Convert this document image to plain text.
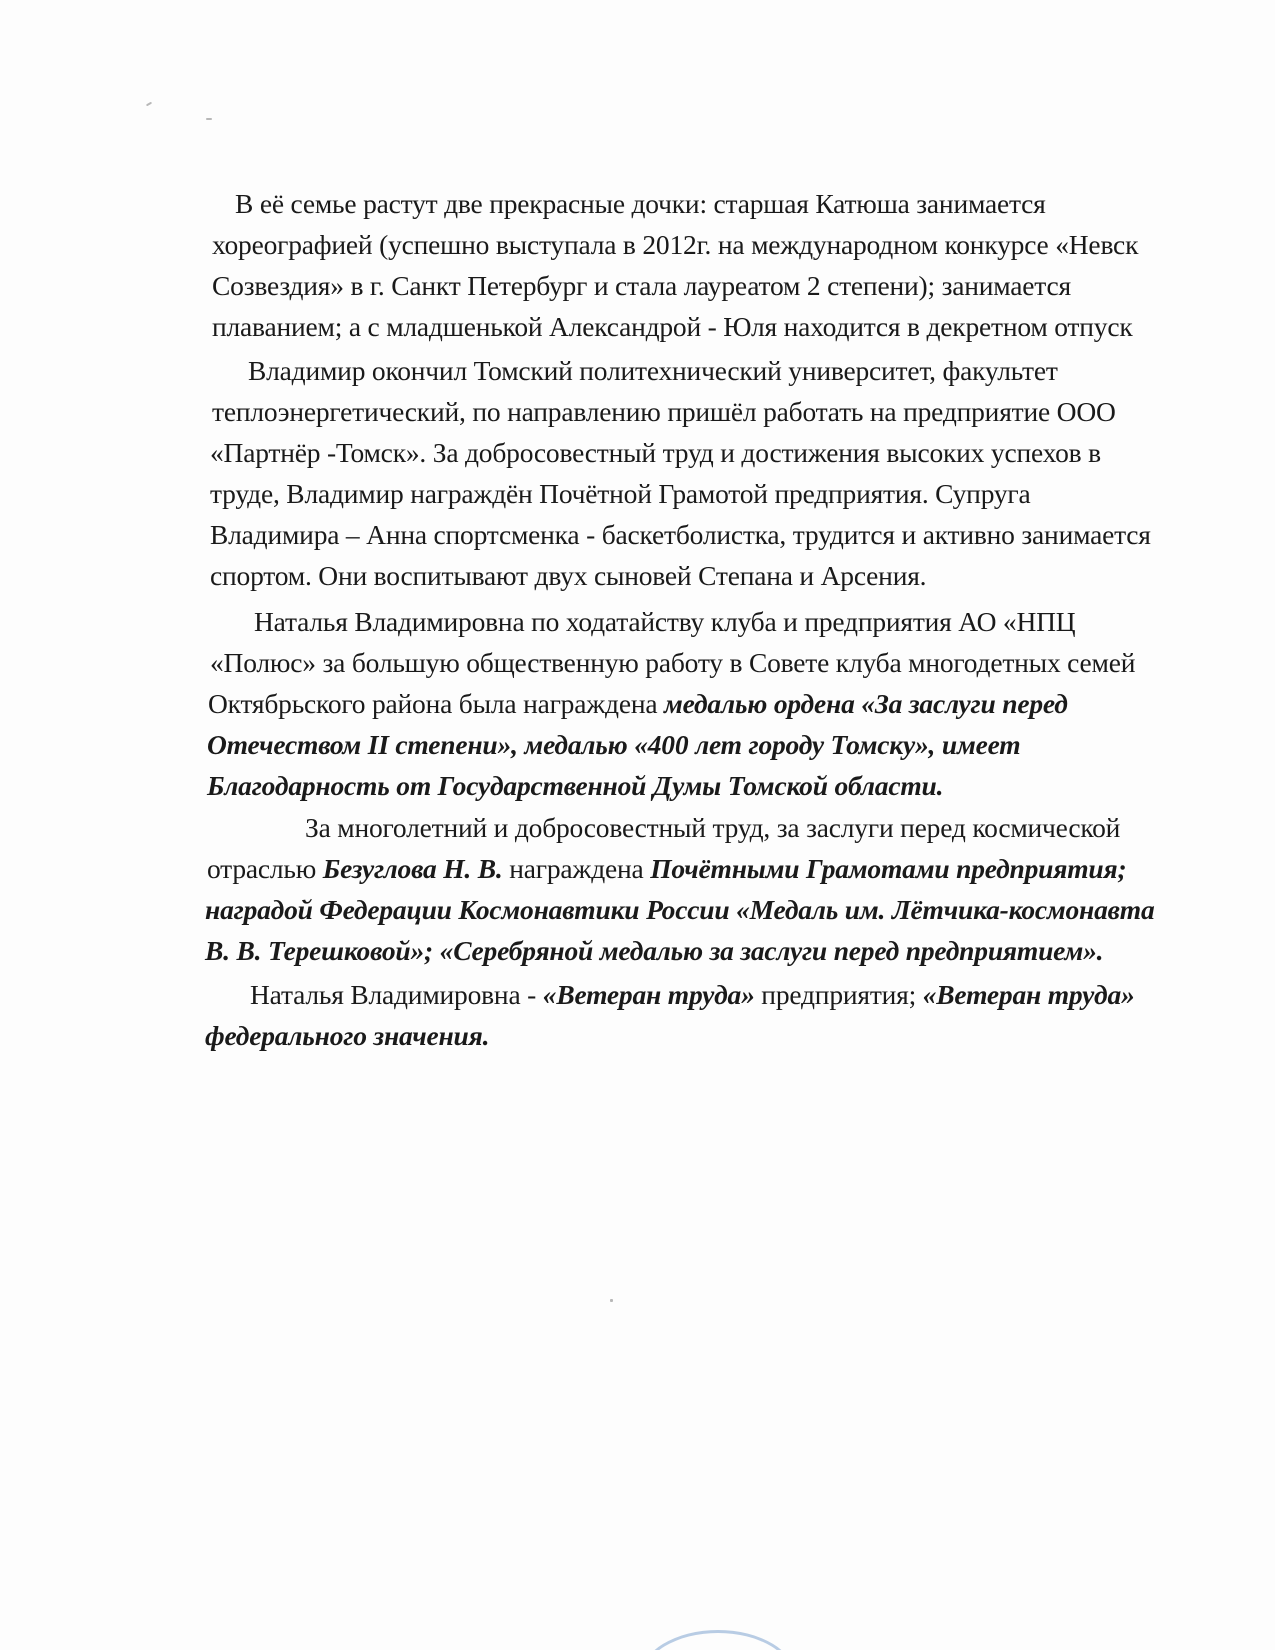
В её семье растут две прекрасные дочки: старшая Катюша занимается
хореографией (успешно выступала в 2012г. на международном конкурсе «Невск
Созвездия» в г. Санкт Петербург и стала лауреатом 2 степени); занимается
плаванием; а с младшенькой Александрой - Юля находится в декретном отпуск
Владимир окончил Томский политехнический университет, факультет
теплоэнергетический, по направлению пришёл работать на предприятие ООО
«Партнёр -Томск». За добросовестный труд и достижения высоких успехов в
труде, Владимир награждён Почётной Грамотой предприятия. Супруга
Владимира – Анна спортсменка - баскетболистка, трудится и активно занимается
спортом. Они воспитывают двух сыновей Степана и Арсения.
Наталья Владимировна по ходатайству клуба и предприятия АО «НПЦ
«Полюс» за большую общественную работу в Совете клуба многодетных семей
Октябрьского района была награждена медалью ордена «За заслуги перед
Отечеством II степени», медалью «400 лет городу Томску», имеет
Благодарность от Государственной Думы Томской области.
За многолетний и добросовестный труд, за заслуги перед космической
отраслью Безуглова Н. В. награждена Почётными Грамотами предприятия;
наградой Федерации Космонавтики России «Медаль им. Лётчика-космонавта
В. В. Терешковой»; «Серебряной медалью за заслуги перед предприятием».
Наталья Владимировна - «Ветеран труда» предприятия; «Ветеран труда»
федерального значения.
